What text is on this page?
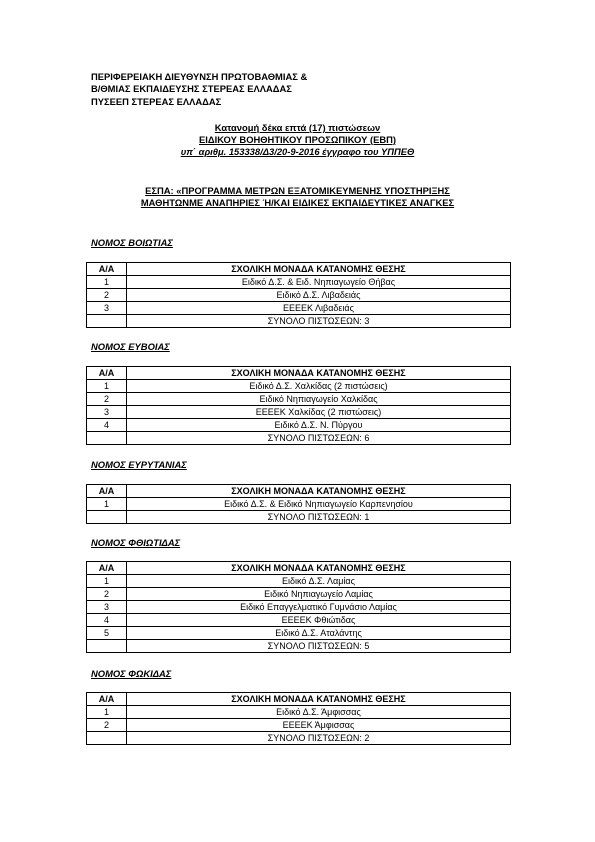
ΠΕΡΙΦΕΡΕΙΑΚΗ ΔΙΕΥΘΥΝΣΗ ΠΡΩΤΟΒΑΘΜΙΑΣ &
Β/ΘΜΙΑΣ ΕΚΠΑΙΔΕΥΣΗΣ ΣΤΕΡΕΑΣ ΕΛΛΑΔΑΣ
ΠΥΣΕΕΠ ΣΤΕΡΕΑΣ ΕΛΛΑΔΑΣ
Κατανομή δέκα επτά (17) πιστώσεων
ΕΙΔΙΚΟΥ ΒΟΗΘΗΤΙΚΟΥ ΠΡΟΣΩΠΙΚΟΥ (ΕΒΠ)
υπ΄ αριθμ. 153338/Δ3/20-9-2016 έγγραφο του ΥΠΠΕΘ
ΕΣΠΑ: «ΠΡΟΓΡΑΜΜΑ ΜΕΤΡΩΝ ΕΞΑΤΟΜΙΚΕΥΜΕΝΗΣ ΥΠΟΣΤΗΡΙΞΗΣ
ΜΑΘΗΤΩΝΜΕ ΑΝΑΠΗΡΙΕΣ Ή/ΚΑΙ ΕΙΔΙΚΕΣ ΕΚΠΑΙΔΕΥΤΙΚΕΣ ΑΝΑΓΚΕΣ
ΝΟΜΟΣ ΒΟΙΩΤΙΑΣ
Α/Α	ΣΧΟΛΙΚΗ ΜΟΝΑΔΑ ΚΑΤΑΝΟΜΗΣ ΘΕΣΗΣ
1	Ειδικό Δ.Σ. & Ειδ. Νηπιαγωγείο Θήβας
2	Ειδικό Δ.Σ. Λιβαδειάς
3	ΕΕΕΕΚ Λιβαδειάς
	ΣΥΝΟΛΟ ΠΙΣΤΩΣΕΩΝ: 3
ΝΟΜΟΣ ΕΥΒΟΙΑΣ
Α/Α	ΣΧΟΛΙΚΗ ΜΟΝΑΔΑ ΚΑΤΑΝΟΜΗΣ ΘΕΣΗΣ
1	Ειδικό Δ.Σ. Χαλκίδας (2 πιστώσεις)
2	Ειδικό Νηπιαγωγείο Χαλκίδας
3	ΕΕΕΕΚ Χαλκίδας (2 πιστώσεις)
4	Ειδικό Δ.Σ. Ν. Πύργου
	ΣΥΝΟΛΟ ΠΙΣΤΩΣΕΩΝ: 6
ΝΟΜΟΣ ΕΥΡΥΤΑΝΙΑΣ
Α/Α	ΣΧΟΛΙΚΗ ΜΟΝΑΔΑ ΚΑΤΑΝΟΜΗΣ ΘΕΣΗΣ
1	Ειδικό Δ.Σ. & Ειδικό Νηπιαγωγείο Καρπενησίου
	ΣΥΝΟΛΟ ΠΙΣΤΩΣΕΩΝ: 1
ΝΟΜΟΣ ΦΘΙΩΤΙΔΑΣ
Α/Α	ΣΧΟΛΙΚΗ ΜΟΝΑΔΑ ΚΑΤΑΝΟΜΗΣ ΘΕΣΗΣ
1	Ειδικό Δ.Σ. Λαμίας
2	Ειδικό Νηπιαγωγείο Λαμίας
3	Ειδικό Επαγγελματικό Γυμνάσιο Λαμίας
4	ΕΕΕΕΚ Φθιώτιδας
5	Ειδικό Δ.Σ. Αταλάντης
	ΣΥΝΟΛΟ ΠΙΣΤΩΣΕΩΝ: 5
ΝΟΜΟΣ ΦΩΚΙΔΑΣ
Α/Α	ΣΧΟΛΙΚΗ ΜΟΝΑΔΑ ΚΑΤΑΝΟΜΗΣ ΘΕΣΗΣ
1	Ειδικό Δ.Σ. Άμφισσας
2	ΕΕΕΕΚ Άμφισσας
	ΣΥΝΟΛΟ ΠΙΣΤΩΣΕΩΝ: 2
